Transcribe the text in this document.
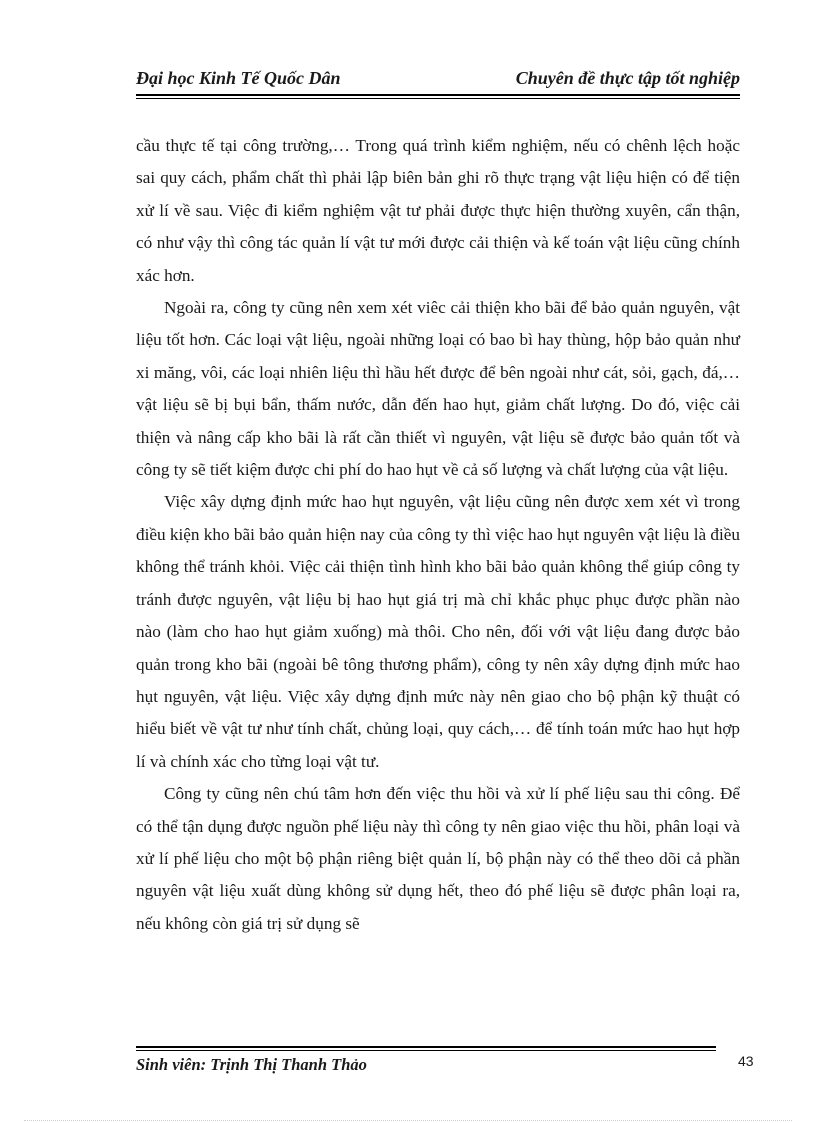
Đại học Kinh Tế Quốc Dân	Chuyên đề thực tập tốt nghiệp

cầu thực tế tại công trường,… Trong quá trình kiểm nghiệm, nếu có chênh lệch hoặc sai quy cách, phẩm chất thì phải lập biên bản ghi rõ thực trạng vật liệu hiện có để tiện xử lí về sau. Việc đi kiểm nghiệm vật tư phải được thực hiện thường xuyên, cẩn thận, có như vậy thì công tác quản lí vật tư mới được cải thiện và kế toán vật liệu cũng chính xác hơn.

Ngoài ra, công ty cũng nên xem xét viêc cải thiện kho bãi để bảo quản nguyên, vật liệu tốt hơn. Các loại vật liệu, ngoài những loại có bao bì hay thùng, hộp bảo quản như xi măng, vôi, các loại nhiên liệu thì hầu hết được để bên ngoài như cát, sỏi, gạch, đá,… vật liệu sẽ bị bụi bẩn, thấm nước, dẫn đến hao hụt, giảm chất lượng. Do đó, việc cải thiện và nâng cấp kho bãi là rất cần thiết vì nguyên, vật liệu sẽ được bảo quản tốt và công ty sẽ tiết kiệm được chi phí do hao hụt về cả số lượng và chất lượng của vật liệu.

Việc xây dựng định mức hao hụt nguyên, vật liệu cũng nên được xem xét vì trong điều kiện kho bãi bảo quản hiện nay của công ty thì việc hao hụt nguyên vật liệu là điều không thể tránh khỏi. Việc cải thiện tình hình kho bãi bảo quản không thể giúp công ty tránh được nguyên, vật liệu bị hao hụt giá trị mà chỉ khắc phục phục được phần nào nào (làm cho hao hụt giảm xuống) mà thôi. Cho nên, đối với vật liệu đang được bảo quản trong kho bãi (ngoài bê tông thương phẩm), công ty nên xây dựng định mức hao hụt nguyên, vật liệu. Việc xây dựng định mức này nên giao cho bộ phận kỹ thuật có hiểu biết về vật tư như tính chất, chủng loại, quy cách,… để tính toán mức hao hụt hợp lí và chính xác cho từng loại vật tư.

Công ty cũng nên chú tâm hơn đến việc thu hồi và xử lí phế liệu sau thi công. Để có thể tận dụng được nguồn phế liệu này thì công ty nên giao việc thu hồi, phân loại và xử lí phế liệu cho một bộ phận riêng biệt quản lí, bộ phận này có thể theo dõi cả phần nguyên vật liệu xuất dùng không sử dụng hết, theo đó phế liệu sẽ được phân loại ra, nếu không còn giá trị sử dụng sẽ

Sinh viên: Trịnh Thị Thanh Thảo	43
